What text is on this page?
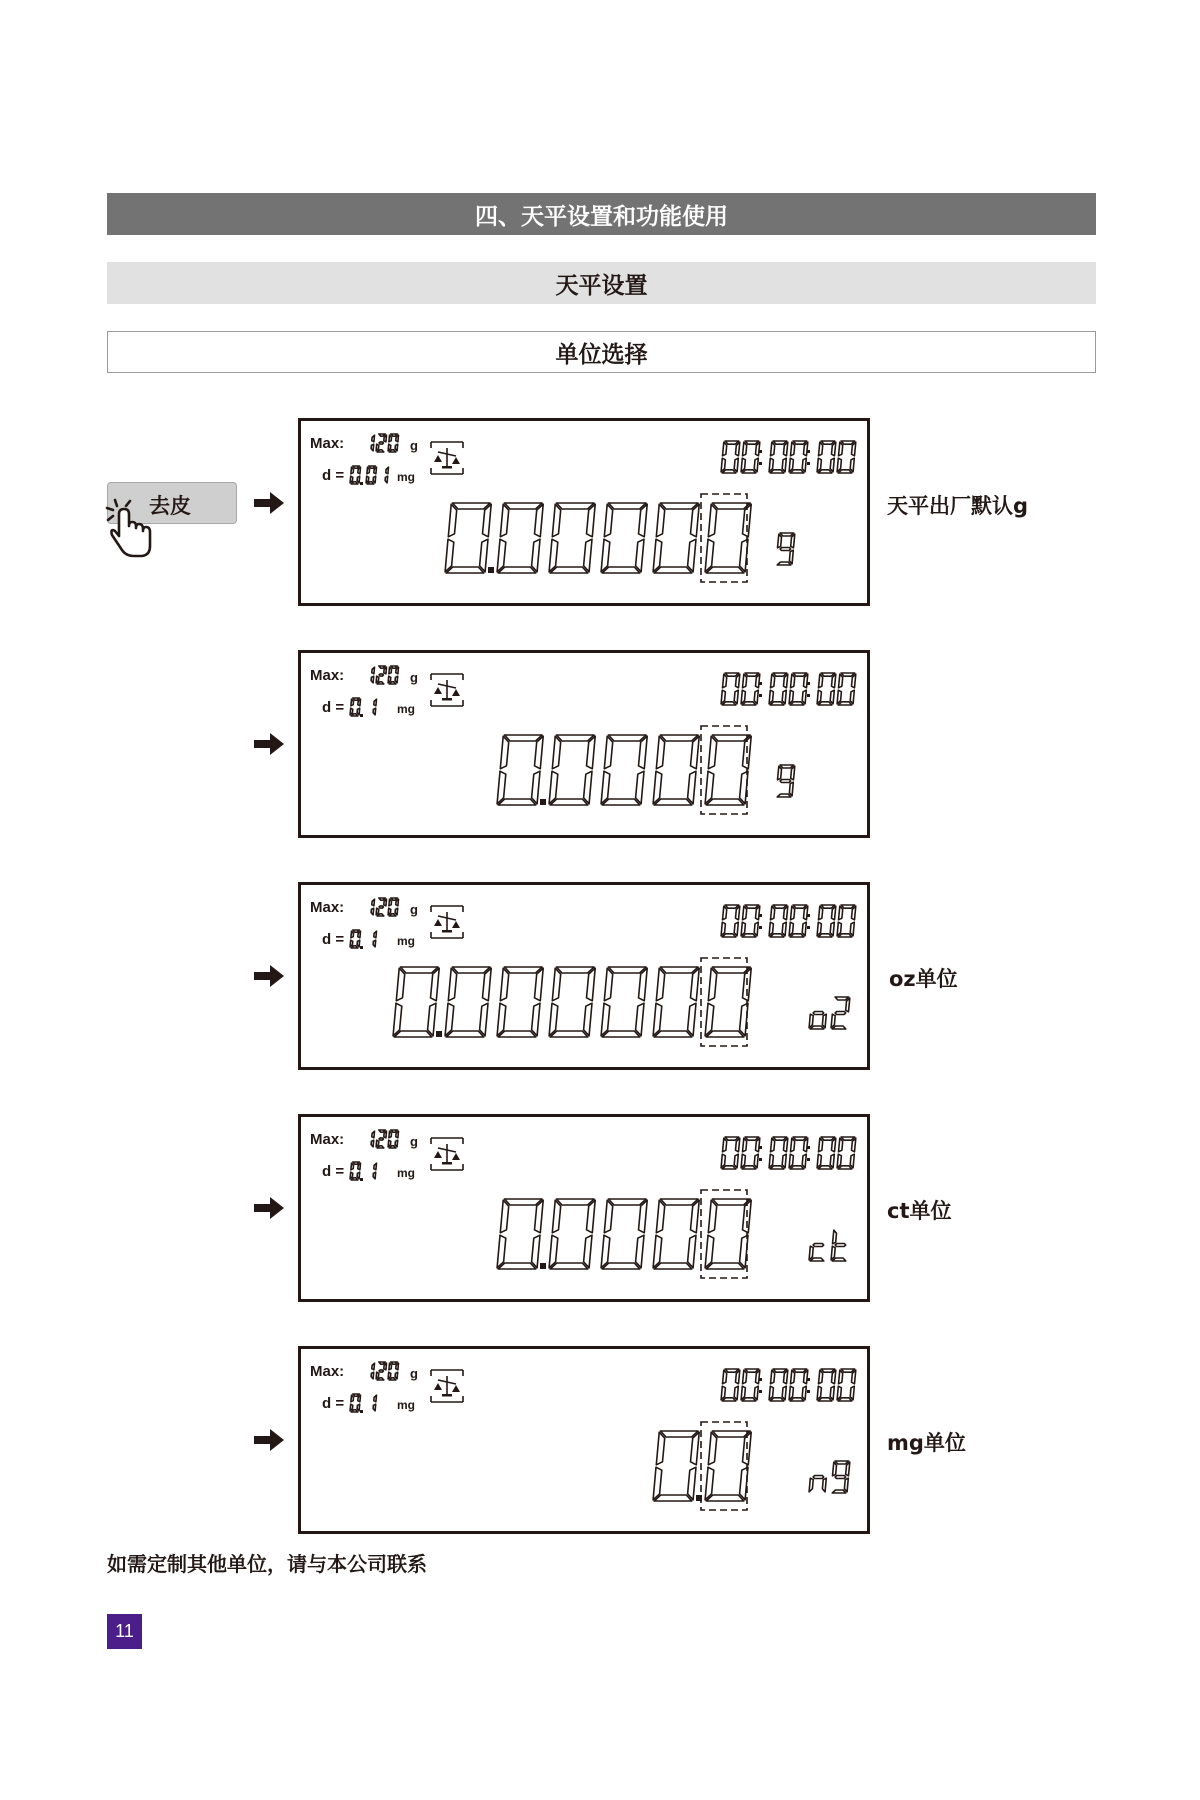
四、天平设置和功能使用
天平设置
单位选择
去皮
Max:
d =
g
mg
天平出厂默认g
Max:
d =
g
mg
Max:
d =
g
mg
oz单位
Max:
d =
g
mg
ct单位
Max:
d =
g
mg
mg单位
如需定制其他单位，请与本公司联系
11
